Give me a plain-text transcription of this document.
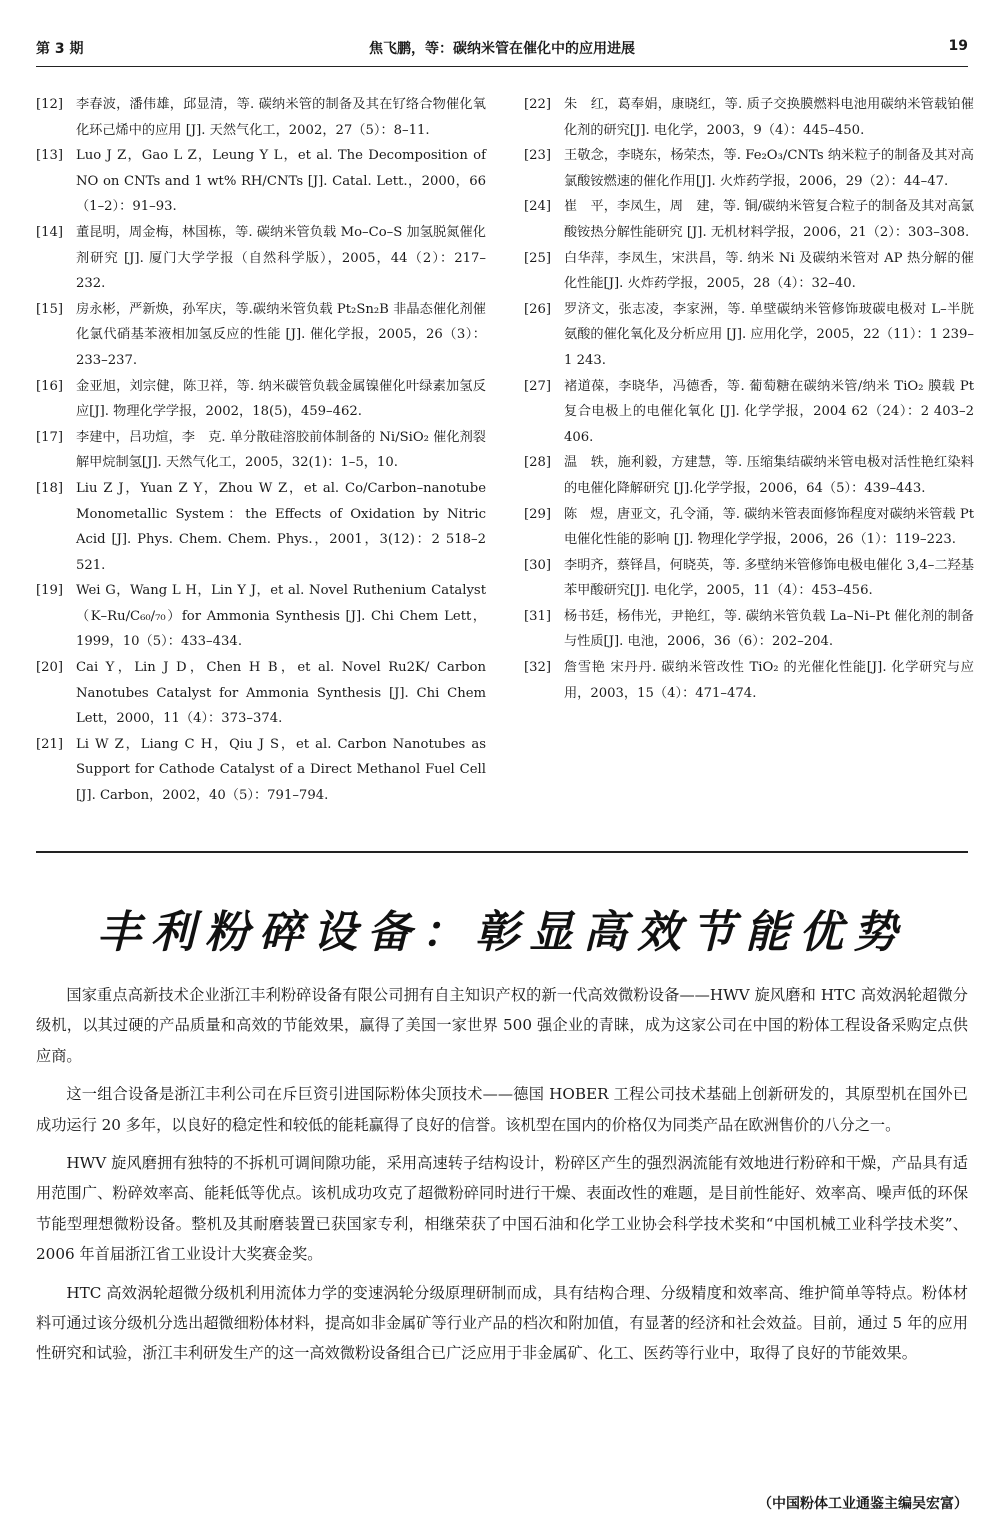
第 3 期	焦飞鹏，等：碳纳米管在催化中的应用进展	19
[12] 李春波，潘伟雄，邱显清，等. 碳纳米管的制备及其在钌络合物催化氧化环己烯中的应用 [J]. 天然气化工，2002，27（5）：8–11.
[13] Luo J Z，Gao L Z，Leung Y L，et al. The Decomposition of NO on CNTs and 1 wt% RH/CNTs [J]. Catal. Lett.，2000，66（1–2）：91–93.
[14] 董昆明，周金梅，林国栋，等. 碳纳米管负载 Mo–Co–S 加氢脱氮催化剂研究 [J]. 厦门大学学报（自然科学版），2005，44（2）：217–232.
[15] 房永彬，严新焕，孙军庆，等.碳纳米管负载 Pt₂Sn₂B 非晶态催化剂催化氯代硝基苯液相加氢反应的性能 [J]. 催化学报，2005，26（3）：233–237.
[16] 金亚旭，刘宗健，陈卫祥，等. 纳米碳管负载金属镍催化叶绿素加氢反应[J]. 物理化学学报，2002，18(5)，459–462.
[17] 李建中，吕功煊，李　克. 单分散硅溶胶前体制备的 Ni/SiO₂ 催化剂裂解甲烷制氢[J]. 天然气化工，2005，32(1)：1–5，10.
[18] Liu Z J，Yuan Z Y，Zhou W Z，et al. Co/Carbon–nanotube Monometallic System：the Effects of Oxidation by Nitric Acid [J]. Phys. Chem. Chem. Phys.，2001，3(12)：2 518–2 521.
[19] Wei G，Wang L H，Lin Y J，et al. Novel Ruthenium Catalyst（K–Ru/C₆₀/₇₀）for Ammonia Synthesis [J]. Chi Chem Lett，1999，10（5）：433–434.
[20] Cai Y，Lin J D，Chen H B，et al. Novel Ru2K/ Carbon Nanotubes Catalyst for Ammonia Synthesis [J]. Chi Chem Lett，2000，11（4）：373–374.
[21] Li W Z，Liang C H，Qiu J S，et al. Carbon Nanotubes as Support for Cathode Catalyst of a Direct Methanol Fuel Cell [J]. Carbon，2002，40（5）：791–794.
[22] 朱　红，葛奉娟，康晓红，等. 质子交换膜燃料电池用碳纳米管载铂催化剂的研究[J]. 电化学，2003，9（4）：445–450.
[23] 王敬念，李晓东，杨荣杰，等. Fe₂O₃/CNTs 纳米粒子的制备及其对高氯酸铵燃速的催化作用[J]. 火炸药学报，2006，29（2）：44–47.
[24] 崔　平，李凤生，周　建，等. 铜/碳纳米管复合粒子的制备及其对高氯酸铵热分解性能研究 [J]. 无机材料学报，2006，21（2）：303–308.
[25] 白华萍，李凤生，宋洪昌，等. 纳米 Ni 及碳纳米管对 AP 热分解的催化性能[J]. 火炸药学报，2005，28（4）：32–40.
[26] 罗济文，张志凌，李家洲，等. 单壁碳纳米管修饰玻碳电极对 L–半胱氨酸的催化氧化及分析应用 [J]. 应用化学，2005，22（11）：1 239–1 243.
[27] 褚道葆，李晓华，冯德香，等. 葡萄糖在碳纳米管/纳米 TiO₂ 膜载 Pt 复合电极上的电催化氧化 [J]. 化学学报，2004 62（24）：2 403–2 406.
[28] 温　轶，施利毅，方建慧，等. 压缩集结碳纳米管电极对活性艳红染料的电催化降解研究 [J].化学学报，2006，64（5）：439–443.
[29] 陈　煜，唐亚文，孔令涌，等. 碳纳米管表面修饰程度对碳纳米管载 Pt 电催化性能的影响 [J]. 物理化学学报，2006，26（1）：119–223.
[30] 李明齐，蔡铎昌，何晓英，等. 多壁纳米管修饰电极电催化 3,4–二羟基苯甲酸研究[J]. 电化学，2005，11（4）：453–456.
[31] 杨书廷，杨伟光，尹艳红，等. 碳纳米管负载 La–Ni–Pt 催化剂的制备与性质[J]. 电池，2006，36（6）：202–204.
[32] 詹雪艳 宋丹丹. 碳纳米管改性 TiO₂ 的光催化性能[J]. 化学研究与应用，2003，15（4）：471–474.
丰利粉碎设备：彰显高效节能优势

国家重点高新技术企业浙江丰利粉碎设备有限公司拥有自主知识产权的新一代高效微粉设备——HWV 旋风磨和 HTC 高效涡轮超微分级机，以其过硬的产品质量和高效的节能效果，赢得了美国一家世界 500 强企业的青睐，成为这家公司在中国的粉体工程设备采购定点供应商。

这一组合设备是浙江丰利公司在斥巨资引进国际粉体尖顶技术——德国 HOBER 工程公司技术基础上创新研发的，其原型机在国外已成功运行 20 多年，以良好的稳定性和较低的能耗赢得了良好的信誉。该机型在国内的价格仅为同类产品在欧洲售价的八分之一。

HWV 旋风磨拥有独特的不拆机可调间隙功能，采用高速转子结构设计，粉碎区产生的强烈涡流能有效地进行粉碎和干燥，产品具有适用范围广、粉碎效率高、能耗低等优点。该机成功攻克了超微粉碎同时进行干燥、表面改性的难题，是目前性能好、效率高、噪声低的环保节能型理想微粉设备。整机及其耐磨装置已获国家专利，相继荣获了中国石油和化学工业协会科学技术奖和“中国机械工业科学技术奖”、2006 年首届浙江省工业设计大奖赛金奖。

HTC 高效涡轮超微分级机利用流体力学的变速涡轮分级原理研制而成，具有结构合理、分级精度和效率高、维护简单等特点。粉体材料可通过该分级机分选出超微细粉体材料，提高如非金属矿等行业产品的档次和附加值，有显著的经济和社会效益。目前，通过 5 年的应用性研究和试验，浙江丰利研发生产的这一高效微粉设备组合已广泛应用于非金属矿、化工、医药等行业中，取得了良好的节能效果。

（中国粉体工业通鉴主编吴宏富）
